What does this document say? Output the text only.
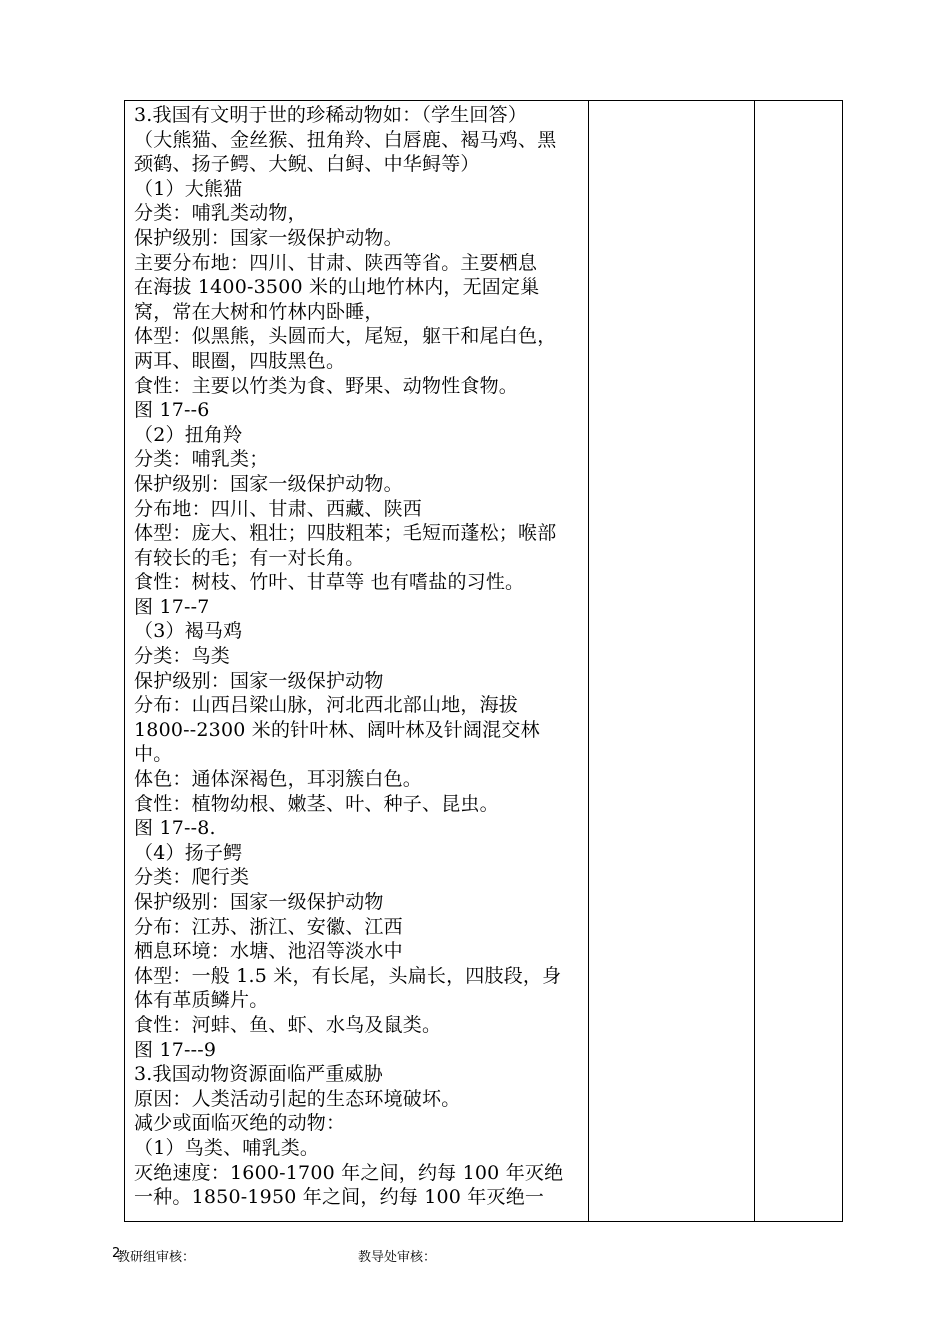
3.我国有文明于世的珍稀动物如：（学生回答）
（大熊猫、金丝猴、扭角羚、白唇鹿、褐马鸡、黑
颈鹤、扬子鳄、大鲵、白鲟、中华鲟等）
（1）大熊猫
分类：哺乳类动物，
保护级别：国家一级保护动物。
主要分布地：四川、甘肃、陕西等省。主要栖息
在海拔 1400-3500 米的山地竹林内，无固定巢
窝，常在大树和竹林内卧睡，
体型：似黑熊，头圆而大，尾短，躯干和尾白色，
两耳、眼圈，四肢黑色。
食性：主要以竹类为食、野果、动物性食物。
图 17--6
（2）扭角羚
分类：哺乳类；
保护级别：国家一级保护动物。
分布地：四川、甘肃、西藏、陕西
体型：庞大、粗壮；四肢粗苯；毛短而蓬松；喉部
有较长的毛；有一对长角。
食性：树枝、竹叶、甘草等 也有嗜盐的习性。
图 17--7
（3）褐马鸡
分类：鸟类
保护级别：国家一级保护动物
分布：山西吕梁山脉，河北西北部山地，海拔
1800--2300 米的针叶林、阔叶林及针阔混交林
中。
体色：通体深褐色，耳羽簇白色。
食性：植物幼根、嫩茎、叶、种子、昆虫。
图 17--8.
（4）扬子鳄
分类：爬行类
保护级别：国家一级保护动物
分布：江苏、浙江、安徽、江西
栖息环境：水塘、池沼等淡水中
体型：一般 1.5 米，有长尾，头扁长，四肢段，身
体有革质鳞片。
食性：河蚌、鱼、虾、水鸟及鼠类。
图 17---9
3.我国动物资源面临严重威胁
原因：人类活动引起的生态环境破坏。
减少或面临灭绝的动物：
（1）鸟类、哺乳类。
灭绝速度：1600-1700 年之间，约每 100 年灭绝
一种。1850-1950 年之间，约每 100 年灭绝一
2
教研组审核：	教导处审核：
